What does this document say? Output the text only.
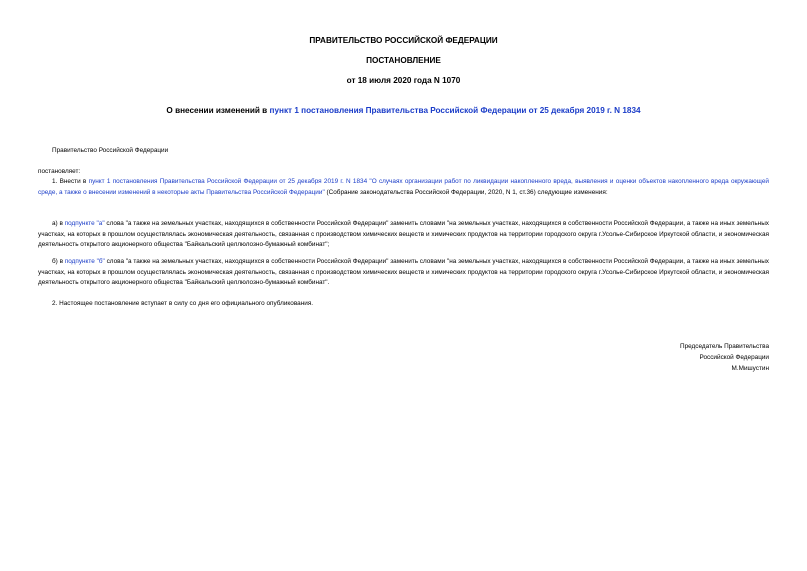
ПРАВИТЕЛЬСТВО РОССИЙСКОЙ ФЕДЕРАЦИИ
ПОСТАНОВЛЕНИЕ
от 18 июля 2020 года N 1070
О внесении изменений в пункт 1 постановления Правительства Российской Федерации от 25 декабря 2019 г. N 1834
Правительство Российской Федерации
постановляет:
1. Внести в пункт 1 постановления Правительства Российской Федерации от 25 декабря 2019 г. N 1834 "О случаях организации работ по ликвидации накопленного вреда, выявления и оценки объектов накопленного вреда окружающей среде, а также о внесении изменений в некоторые акты Правительства Российской Федерации" (Собрание законодательства Российской Федерации, 2020, N 1, ст.36) следующие изменения:
а) в подпункте "а" слова "а также на земельных участках, находящихся в собственности Российской Федерации" заменить словами "на земельных участках, находящихся в собственности Российской Федерации, а также на иных земельных участках, на которых в прошлом осуществлялась экономическая деятельность, связанная с производством химических веществ и химических продуктов на территории городского округа г.Усолье-Сибирское Иркутской области, и экономическая деятельность открытого акционерного общества "Байкальский целлюлозно-бумажный комбинат";
б) в подпункте "б" слова "а также на земельных участках, находящихся в собственности Российской Федерации" заменить словами "на земельных участках, находящихся в собственности Российской Федерации, а также на иных земельных участках, на которых в прошлом осуществлялась экономическая деятельность, связанная с производством химических веществ и химических продуктов на территории городского округа г.Усолье-Сибирское Иркутской области, и экономическая деятельность открытого акционерного общества "Байкальский целлюлозно-бумажный комбинат".
2. Настоящее постановление вступает в силу со дня его официального опубликования.
Председатель Правительства
Российской Федерации
М.Мишустин
